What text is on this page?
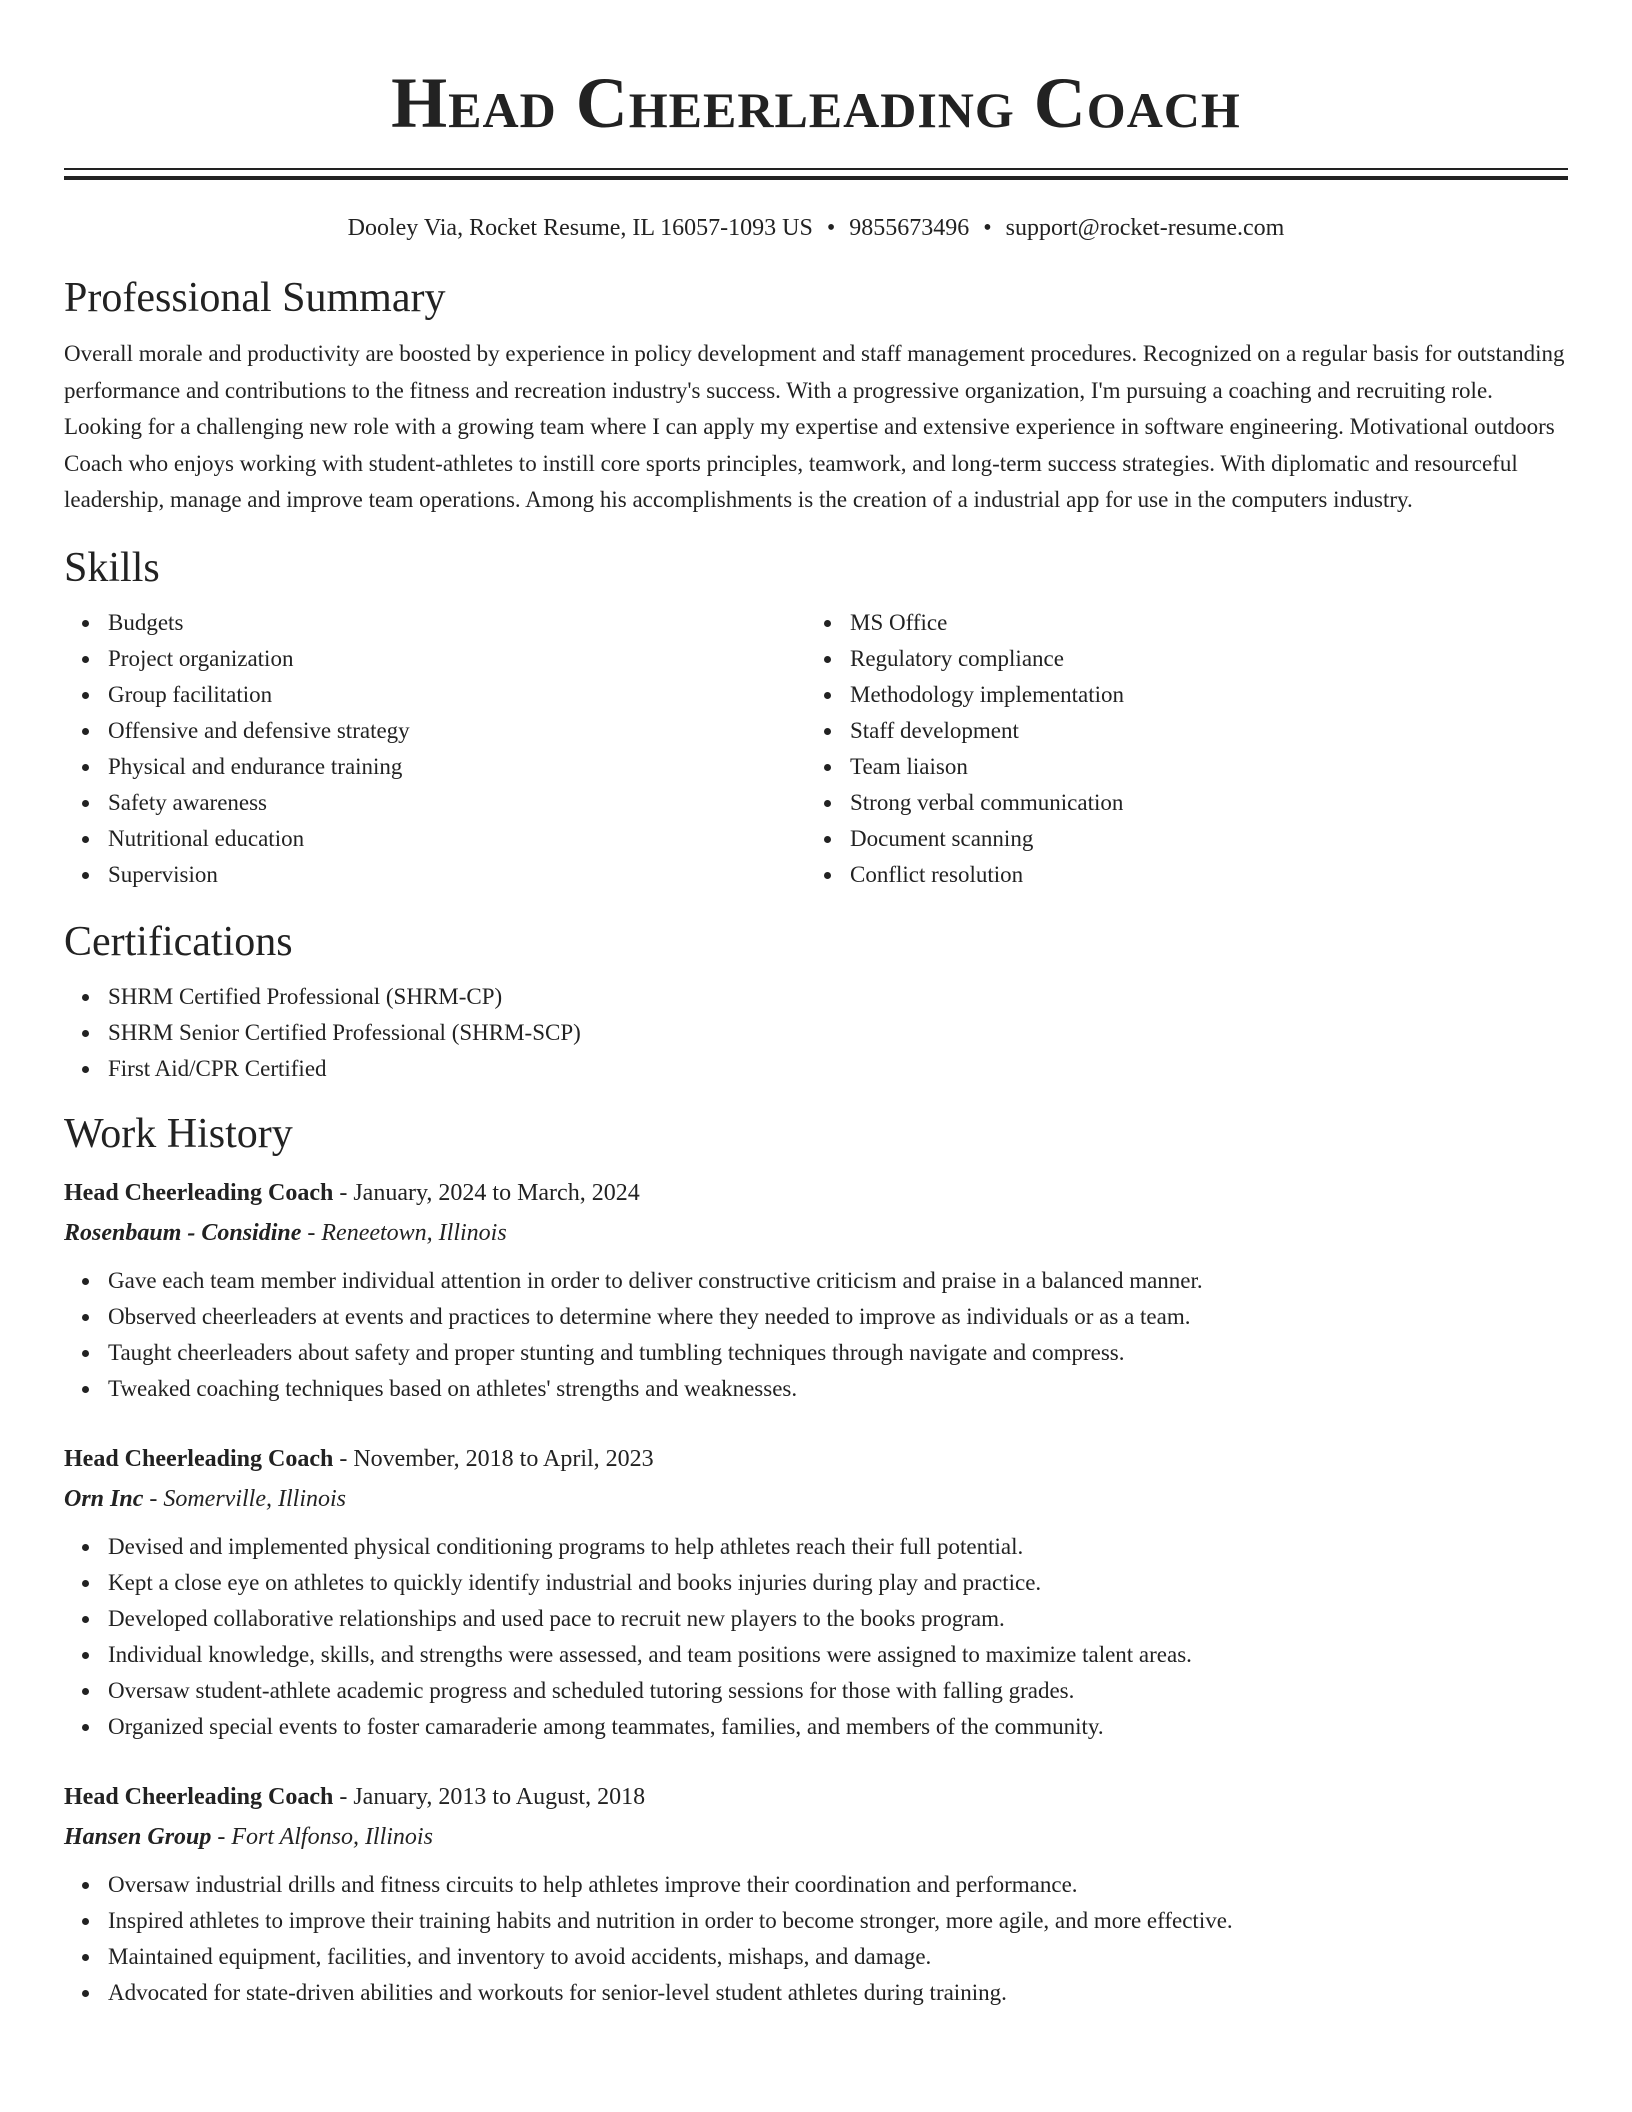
Head Cheerleading Coach
Dooley Via, Rocket Resume, IL 16057-1093 US • 9855673496 • support@rocket-resume.com
Professional Summary

Overall morale and productivity are boosted by experience in policy development and staff management procedures. Recognized on a regular basis for outstanding performance and contributions to the fitness and recreation industry's success. With a progressive organization, I'm pursuing a coaching and recruiting role. Looking for a challenging new role with a growing team where I can apply my expertise and extensive experience in software engineering. Motivational outdoors Coach who enjoys working with student-athletes to instill core sports principles, teamwork, and long-term success strategies. With diplomatic and resourceful leadership, manage and improve team operations. Among his accomplishments is the creation of a industrial app for use in the computers industry.

Skills
Budgets
Project organization
Group facilitation
Offensive and defensive strategy
Physical and endurance training
Safety awareness
Nutritional education
Supervision
MS Office
Regulatory compliance
Methodology implementation
Staff development
Team liaison
Strong verbal communication
Document scanning
Conflict resolution
Certifications
SHRM Certified Professional (SHRM-CP)
SHRM Senior Certified Professional (SHRM-SCP)
First Aid/CPR Certified
Work History
Head Cheerleading Coach - January, 2024 to March, 2024
Rosenbaum - Considine - Reneetown, Illinois
Gave each team member individual attention in order to deliver constructive criticism and praise in a balanced manner.
Observed cheerleaders at events and practices to determine where they needed to improve as individuals or as a team.
Taught cheerleaders about safety and proper stunting and tumbling techniques through navigate and compress.
Tweaked coaching techniques based on athletes' strengths and weaknesses.
Head Cheerleading Coach - November, 2018 to April, 2023
Orn Inc - Somerville, Illinois
Devised and implemented physical conditioning programs to help athletes reach their full potential.
Kept a close eye on athletes to quickly identify industrial and books injuries during play and practice.
Developed collaborative relationships and used pace to recruit new players to the books program.
Individual knowledge, skills, and strengths were assessed, and team positions were assigned to maximize talent areas.
Oversaw student-athlete academic progress and scheduled tutoring sessions for those with falling grades.
Organized special events to foster camaraderie among teammates, families, and members of the community.
Head Cheerleading Coach - January, 2013 to August, 2018
Hansen Group - Fort Alfonso, Illinois
Oversaw industrial drills and fitness circuits to help athletes improve their coordination and performance.
Inspired athletes to improve their training habits and nutrition in order to become stronger, more agile, and more effective.
Maintained equipment, facilities, and inventory to avoid accidents, mishaps, and damage.
Advocated for state-driven abilities and workouts for senior-level student athletes during training.
